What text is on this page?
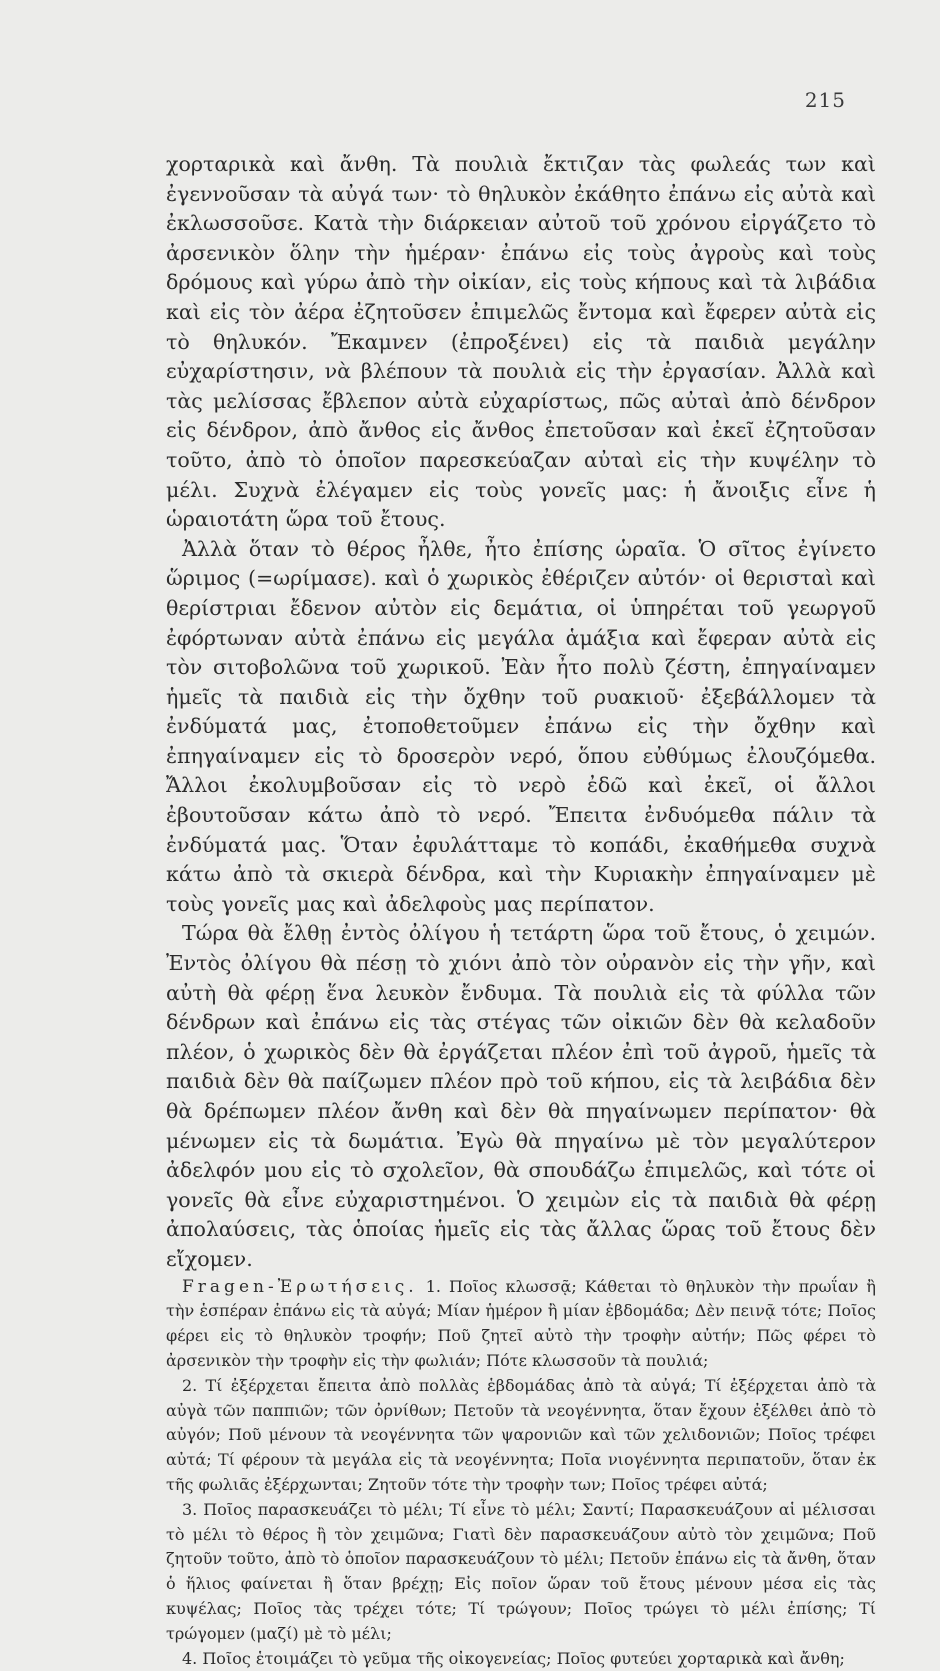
215

χορταρικὰ καὶ ἄνθη. Τὰ πουλιὰ ἔκτιζαν τὰς φωλεάς των καὶ ἐγεννοῦσαν τὰ αὐγά των· τὸ θηλυκὸν ἐκάθητο ἐπάνω εἰς αὐτὰ καὶ ἐκλωσσοῦσε. Κατὰ τὴν διάρκειαν αὐτοῦ τοῦ χρόνου εἰργάζετο τὸ ἀρσενικὸν ὅλην τὴν ἡμέραν· ἐπάνω εἰς τοὺς ἀγροὺς καὶ τοὺς δρόμους καὶ γύρω ἀπὸ τὴν οἰκίαν, εἰς τοὺς κήπους καὶ τὰ λιβάδια καὶ εἰς τὸν ἀέρα ἐζητοῦσεν ἐπιμελῶς ἔντομα καὶ ἔφερεν αὐτὰ εἰς τὸ θηλυκόν. Ἔκαμνεν (ἐπροξένει) εἰς τὰ παιδιὰ μεγάλην εὐχαρίστησιν, νὰ βλέπουν τὰ πουλιὰ εἰς τὴν ἐργασίαν. Ἀλλὰ καὶ τὰς μελίσσας ἔβλεπον αὐτὰ εὐχαρίστως, πῶς αὐταὶ ἀπὸ δένδρον εἰς δένδρον, ἀπὸ ἄνθος εἰς ἄνθος ἐπετοῦσαν καὶ ἐκεῖ ἐζητοῦσαν τοῦτο, ἀπὸ τὸ ὁποῖον παρεσκεύαζαν αὐταὶ εἰς τὴν κυψέλην τὸ μέλι. Συχνὰ ἐλέγαμεν εἰς τοὺς γονεῖς μας: ἡ ἄνοιξις εἶνε ἡ ὡραιοτάτη ὥρα τοῦ ἔτους.

Ἀλλὰ ὅταν τὸ θέρος ἦλθε, ἦτο ἐπίσης ὡραῖα. Ὁ σῖτος ἐγίνετο ὥριμος (=ωρίμασε). καὶ ὁ χωρικὸς ἐθέριζεν αὐτόν· οἱ θερισταὶ καὶ θερίστριαι ἔδενον αὐτὸν εἰς δεμάτια, οἱ ὑπηρέται τοῦ γεωργοῦ ἐφόρτωναν αὐτὰ ἐπάνω εἰς μεγάλα ἁμάξια καὶ ἔφεραν αὐτὰ εἰς τὸν σιτοβολῶνα τοῦ χωρικοῦ. Ἐὰν ἦτο πολὺ ζέστη, ἐπηγαίναμεν ἡμεῖς τὰ παιδιὰ εἰς τὴν ὄχθην τοῦ ρυακιοῦ· ἐξεβάλλομεν τὰ ἐνδύματά μας, ἐτοποθετοῦμεν ἐπάνω εἰς τὴν ὄχθην καὶ ἐπηγαίναμεν εἰς τὸ δροσερὸν νερό, ὅπου εὐθύμως ἐλουζόμεθα. Ἄλλοι ἐκολυμβοῦσαν εἰς τὸ νερὸ ἐδῶ καὶ ἐκεῖ, οἱ ἄλλοι ἐβουτοῦσαν κάτω ἀπὸ τὸ νερό. Ἔπειτα ἐνδυόμεθα πάλιν τὰ ἐνδύματά μας. Ὅταν ἐφυλάτταμε τὸ κοπάδι, ἐκαθήμεθα συχνὰ κάτω ἀπὸ τὰ σκιερὰ δένδρα, καὶ τὴν Κυριακὴν ἐπηγαίναμεν μὲ τοὺς γονεῖς μας καὶ ἀδελφοὺς μας περίπατον.

Τώρα θὰ ἔλθῃ ἐντὸς ὀλίγου ἡ τετάρτη ὥρα τοῦ ἔτους, ὁ χειμών. Ἐντὸς ὀλίγου θὰ πέσῃ τὸ χιόνι ἀπὸ τὸν οὐρανὸν εἰς τὴν γῆν, καὶ αὐτὴ θὰ φέρῃ ἕνα λευκὸν ἔνδυμα. Τὰ πουλιὰ εἰς τὰ φύλλα τῶν δένδρων καὶ ἐπάνω εἰς τὰς στέγας τῶν οἰκιῶν δὲν θὰ κελαδοῦν πλέον, ὁ χωρικὸς δὲν θὰ ἐργάζεται πλέον ἐπὶ τοῦ ἀγροῦ, ἡμεῖς τὰ παιδιὰ δὲν θὰ παίζωμεν πλέον πρὸ τοῦ κήπου, εἰς τὰ λειβάδια δὲν θὰ δρέπωμεν πλέον ἄνθη καὶ δὲν θὰ πηγαίνωμεν περίπατον· θὰ μένωμεν εἰς τὰ δωμάτια. Ἐγὼ θὰ πηγαίνω μὲ τὸν μεγαλύτερον ἀδελφόν μου εἰς τὸ σχολεῖον, θὰ σπουδάζω ἐπιμελῶς, καὶ τότε οἱ γονεῖς θὰ εἶνε εὐχαριστημένοι. Ὁ χειμὼν εἰς τὰ παιδιὰ θὰ φέρῃ ἀπολαύσεις, τὰς ὁποίας ἡμεῖς εἰς τὰς ἄλλας ὥρας τοῦ ἔτους δὲν εἴχομεν.

Fragen-Ἐρωτήσεις. 1. Ποῖος κλωσσᾷ; Κάθεται τὸ θηλυκὸν τὴν πρωΐαν ἢ τὴν ἑσπέραν ἐπάνω εἰς τὰ αὐγά; Μίαν ἡμέρον ἢ μίαν ἑβδομάδα; Δὲν πεινᾷ τότε; Ποῖος φέρει εἰς τὸ θηλυκὸν τροφήν; Ποῦ ζητεῖ αὐτὸ τὴν τροφὴν αὐτήν; Πῶς φέρει τὸ ἀρσενικὸν τὴν τροφὴν εἰς τὴν φωλιάν; Πότε κλωσσοῦν τὰ πουλιά;

2. Τί ἐξέρχεται ἔπειτα ἀπὸ πολλὰς ἑβδομάδας ἀπὸ τὰ αὐγά; Τί ἐξέρχεται ἀπὸ τὰ αὐγὰ τῶν παππιῶν; τῶν ὀρνίθων; Πετοῦν τὰ νεογέννητα, ὅταν ἔχουν ἐξέλθει ἀπὸ τὸ αὐγόν; Ποῦ μένουν τὰ νεογέννητα τῶν ψαρονιῶν καὶ τῶν χελιδονιῶν; Ποῖος τρέφει αὐτά; Τί φέρουν τὰ μεγάλα εἰς τὰ νεογέννητα; Ποῖα νιογέννητα περιπατοῦν, ὅταν ἐκ τῆς φωλιᾶς ἐξέρχωνται; Ζητοῦν τότε τὴν τροφὴν των; Ποῖος τρέφει αὐτά;

3. Ποῖος παρασκευάζει τὸ μέλι; Τί εἶνε τὸ μέλι; Σαντί; Παρασκευάζουν αἱ μέλισσαι τὸ μέλι τὸ θέρος ἢ τὸν χειμῶνα; Γιατὶ δὲν παρασκευάζουν αὐτὸ τὸν χειμῶνα; Ποῦ ζητοῦν τοῦτο, ἀπὸ τὸ ὁποῖον παρασκευάζουν τὸ μέλι; Πετοῦν ἐπάνω εἰς τὰ ἄνθη, ὅταν ὁ ἥλιος φαίνεται ἢ ὅταν βρέχῃ; Εἰς ποῖον ὥραν τοῦ ἔτους μένουν μέσα εἰς τὰς κυψέλας; Ποῖος τὰς τρέχει τότε; Τί τρώγουν; Ποῖος τρώγει τὸ μέλι ἐπίσης; Τί τρώγομεν (μαζί) μὲ τὸ μέλι;

4. Ποῖος ἑτοιμάζει τὸ γεῦμα τῆς οἰκογενείας; Ποῖος φυτεύει χορταρικὰ καὶ ἄνθη;
